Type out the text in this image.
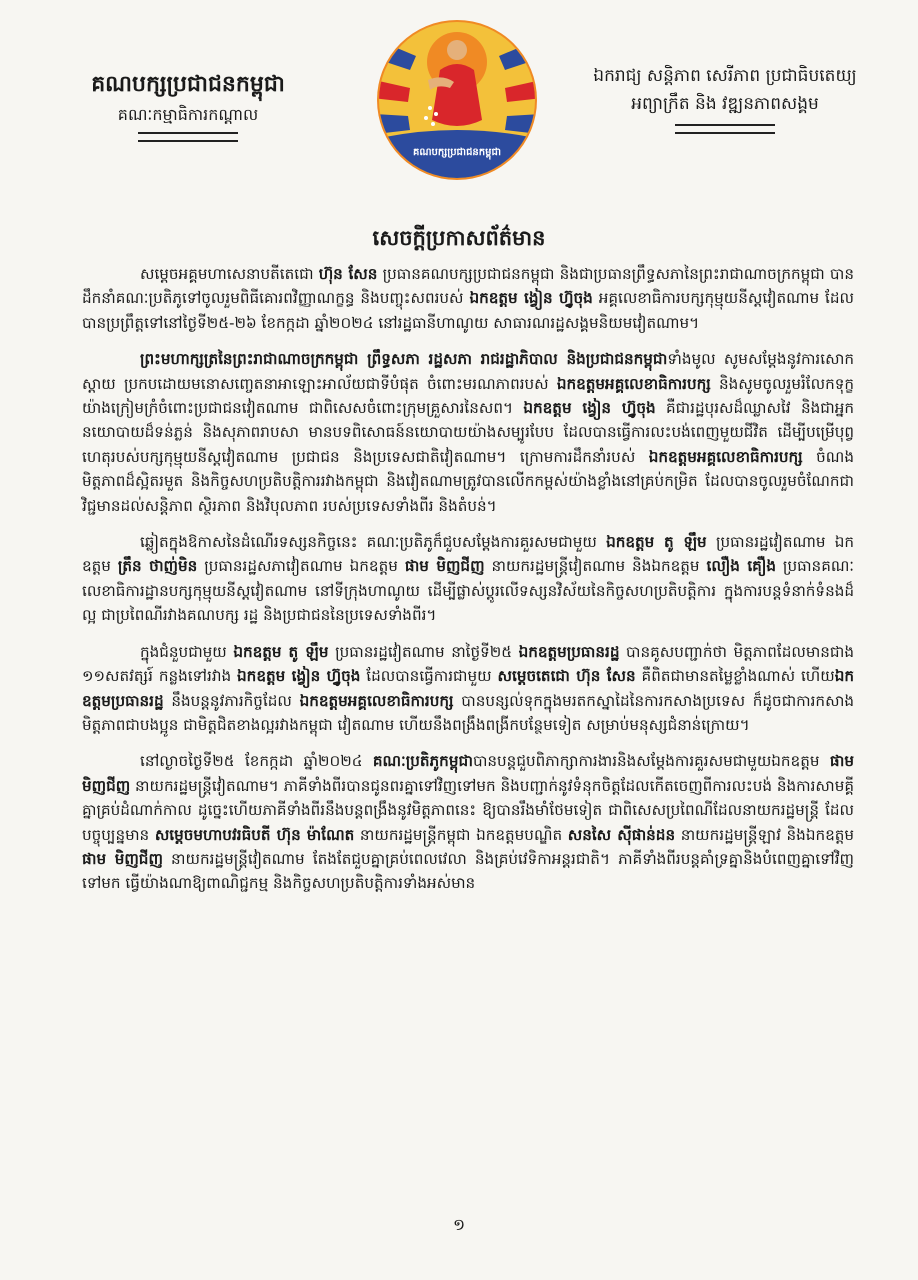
គណបក្សប្រជាជនកម្ពុជា
គណៈកម្មាធិការកណ្តាល
គណបក្សប្រជាជនកម្ពុជា
ឯករាជ្យ សន្តិភាព សេរីភាព ប្រជាធិបតេយ្យ
អព្យាក្រឹត និង វឌ្ឍនភាពសង្គម
សេចក្តីប្រកាសព័ត៌មាន

សម្តេចអគ្គមហាសេនាបតីតេជោ ហ៊ុន សែន ប្រធានគណបក្សប្រជាជនកម្ពុជា និងជាប្រធានព្រឹទ្ធសភានៃព្រះរាជាណាចក្រកម្ពុជា បានដឹកនាំគណៈប្រតិភូទៅចូលរួមពិធីគោរពវិញ្ញាណក្ខន្ធ និងបញ្ចុះសពរបស់ ឯកឧត្តម ង្វៀន ហ្វ៊ូចុង អគ្គលេខាធិការបក្សកុម្មុយនីស្តវៀតណាម ដែលបានប្រព្រឹត្តទៅនៅថ្ងៃទី២៥-២៦ ខែកក្កដា ឆ្នាំ២០២៤ នៅរដ្ឋធានីហាណូយ សាធារណរដ្ឋសង្គមនិយមវៀតណាម។

ព្រះមហាក្សត្រនៃព្រះរាជាណាចក្រកម្ពុជា ព្រឹទ្ធសភា រដ្ឋសភា រាជរដ្ឋាភិបាល និងប្រជាជនកម្ពុជាទាំងមូល សូមសម្តែងនូវការសោកស្តាយ ប្រកបដោយមនោសញ្ចេតនាអាឡោះអាល័យជាទីបំផុត ចំពោះមរណភាពរបស់ ឯកឧត្តមអគ្គលេខាធិការបក្ស និងសូមចូលរួមរំលែកទុក្ខយ៉ាងក្រៀមក្រំចំពោះប្រជាជនវៀតណាម ជាពិសេសចំពោះក្រុមគ្រួសារនៃសព។ ឯកឧត្តម ង្វៀន ហ្វ៊ូចុង គឺជារដ្ឋបុរសដ៏ឈ្លាសវៃ និងជាអ្នកនយោបាយដ៏ទន់ភ្លន់ និងសុភាពរាបសា មានបទពិសោធន៍នយោបាយយ៉ាងសម្បូរបែប ដែលបានធ្វើការលះបង់ពេញមួយជីវិត ដើម្បីបម្រើបុព្វហេតុរបស់បក្សកុម្មុយនីស្តវៀតណាម ប្រជាជន និងប្រទេសជាតិវៀតណាម។ ក្រោមការដឹកនាំរបស់ ឯកឧត្តមអគ្គលេខាធិការបក្ស ចំណងមិត្តភាពដ៏ស្អិតរមួត និងកិច្ចសហប្រតិបត្តិការរវាងកម្ពុជា និងវៀតណាមត្រូវបានលើកកម្ពស់យ៉ាងខ្លាំងនៅគ្រប់កម្រិត ដែលបានចូលរួមចំណែកជាវិជ្ជមានដល់សន្តិភាព ស្ថិរភាព និងវិបុលភាព របស់ប្រទេសទាំងពីរ និងតំបន់។

ឆ្លៀតក្នុងឱកាសនៃដំណើរទស្សនកិច្ចនេះ គណៈប្រតិភូក៏ជួបសម្តែងការគួរសមជាមួយ ឯកឧត្តម តូ ឡឹម ប្រធានរដ្ឋវៀតណាម ឯកឧត្តម ត្រឹន ថាញ់មិន ប្រធានរដ្ឋសភាវៀតណាម ឯកឧត្តម ផាម មិញជីញ នាយករដ្ឋមន្ត្រីវៀតណាម និងឯកឧត្តម លឿង គឿង ប្រធានគណៈលេខាធិការដ្ឋានបក្សកុម្មុយនីស្តវៀតណាម នៅទីក្រុងហាណូយ ដើម្បីផ្លាស់ប្តូរលើទស្សនវិស័យនៃកិច្ចសហប្រតិបត្តិការ ក្នុងការបន្តទំនាក់ទំនងដ៏ល្អ ជាប្រពៃណីរវាងគណបក្ស រដ្ឋ និងប្រជាជននៃប្រទេសទាំងពីរ។

ក្នុងជំនួបជាមួយ ឯកឧត្តម តូ ឡឹម ប្រធានរដ្ឋវៀតណាម នាថ្ងៃទី២៥ ឯកឧត្តមប្រធានរដ្ឋ បានគូសបញ្ជាក់ថា មិត្តភាពដែលមានជាង ១១សតវត្សរ៍ កន្លងទៅរវាង ឯកឧត្តម ង្វៀន ហ្វ៊ូចុង ដែលបានធ្វើការជាមួយ សម្តេចតេជោ ហ៊ុន សែន គឺពិតជាមានតម្លៃខ្លាំងណាស់ ហើយឯកឧត្តមប្រធានរដ្ឋ នឹងបន្តនូវភារកិច្ចដែល ឯកឧត្តមអគ្គលេខាធិការបក្ស បានបន្សល់ទុកក្នុងមរតកស្នាដៃនៃការកសាងប្រទេស ក៏ដូចជាការកសាងមិត្តភាពជាបងប្អូន ជាមិត្តជិតខាងល្អរវាងកម្ពុជា វៀតណាម ហើយនឹងពង្រឹងពង្រីកបន្ថែមទៀត សម្រាប់មនុស្សជំនាន់ក្រោយ។

នៅល្ងាចថ្ងៃទី២៥ ខែកក្កដា ឆ្នាំ២០២៤ គណៈប្រតិភូកម្ពុជាបានបន្តជួបពិភាក្សាការងារនិងសម្តែងការគួរសមជាមួយឯកឧត្តម ផាម មិញជីញ នាយករដ្ឋមន្ត្រីវៀតណាម។ ភាគីទាំងពីរបានជូនពរគ្នាទៅវិញទៅមក និងបញ្ជាក់នូវទំនុកចិត្តដែលកើតចេញពីការលះបង់ និងការសាមគ្គីគ្នាគ្រប់ដំណាក់កាល ដូច្នេះហើយភាគីទាំងពីរនឹងបន្តពង្រឹងនូវមិត្តភាពនេះ ឱ្យបានរឹងមាំថែមទៀត ជាពិសេសប្រពៃណីដែលនាយករដ្ឋមន្ត្រី ដែលបច្ចុប្បន្នមាន សម្តេចមហាបវរធិបតី ហ៊ុន ម៉ាណែត នាយករដ្ឋមន្ត្រីកម្ពុជា ឯកឧត្តមបណ្ឌិត សនសៃ ស៊ីផាន់ដន នាយករដ្ឋមន្ត្រីឡាវ និងឯកឧត្តម ផាម មិញជីញ នាយករដ្ឋមន្ត្រីវៀតណាម តែងតែជួបគ្នាគ្រប់ពេលវេលា និងគ្រប់វេទិកាអន្តរជាតិ។ ភាគីទាំងពីរបន្តគាំទ្រគ្នានិងបំពេញគ្នាទៅវិញទៅមក ធ្វើយ៉ាងណាឱ្យពាណិជ្ជកម្ម និងកិច្ចសហប្រតិបត្តិការទាំងអស់មាន

១
